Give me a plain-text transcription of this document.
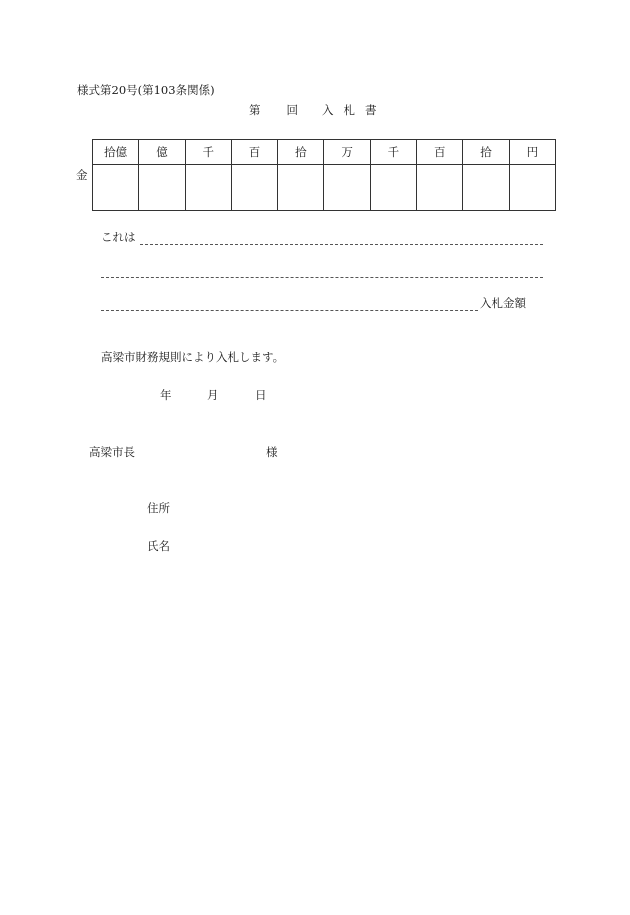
様式第20号(第103条関係)
第 回 入 札 書
金
拾億	億	千	百	拾	万	千	百	拾	円

これは
入札金額
高梁市財務規則により入札します。
年	月	日
高梁市長	様
住所
氏名
